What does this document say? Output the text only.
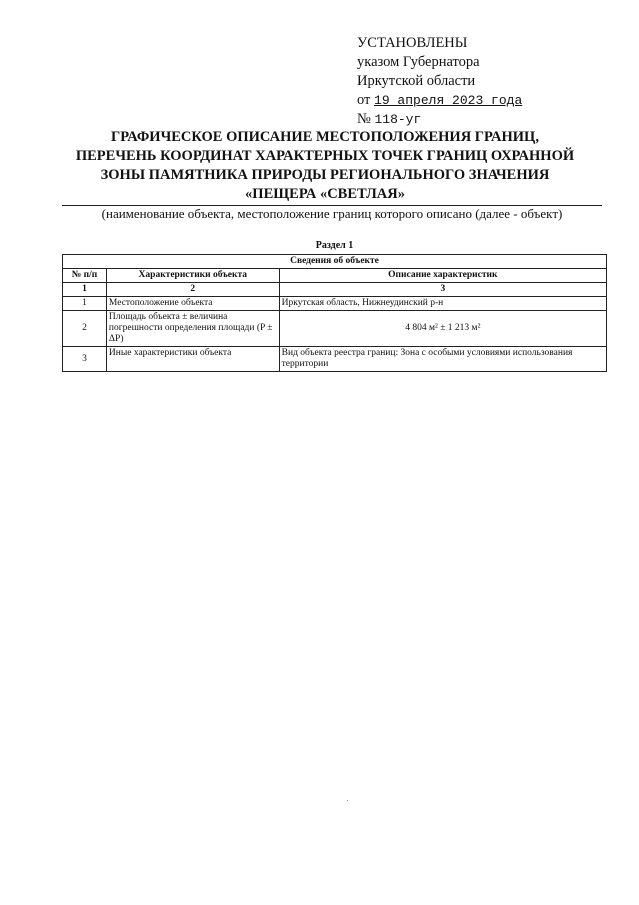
УСТАНОВЛЕНЫ
указом Губернатора
Иркутской области
от 19 апреля 2023 года
№ 118-уг
ГРАФИЧЕСКОЕ ОПИСАНИЕ МЕСТОПОЛОЖЕНИЯ ГРАНИЦ,
ПЕРЕЧЕНЬ КООРДИНАТ ХАРАКТЕРНЫХ ТОЧЕК ГРАНИЦ ОХРАННОЙ
ЗОНЫ ПАМЯТНИКА ПРИРОДЫ РЕГИОНАЛЬНОГО ЗНАЧЕНИЯ
«ПЕЩЕРА «СВЕТЛАЯ»
(наименование объекта, местоположение границ которого описано (далее - объект)
Раздел 1
Сведения об объекте		
№ п/п	Характеристики объекта	Описание характеристик
1	2	3
1	Местоположение объекта	Иркутская область, Нижнеудинский р-н
2	Площадь объекта ± величина погрешности определения площади (P ± ΔP)	4 804 м² ± 1 213 м²
3	Иные характеристики объекта	Вид объекта реестра границ: Зона с особыми условиями использования территории
